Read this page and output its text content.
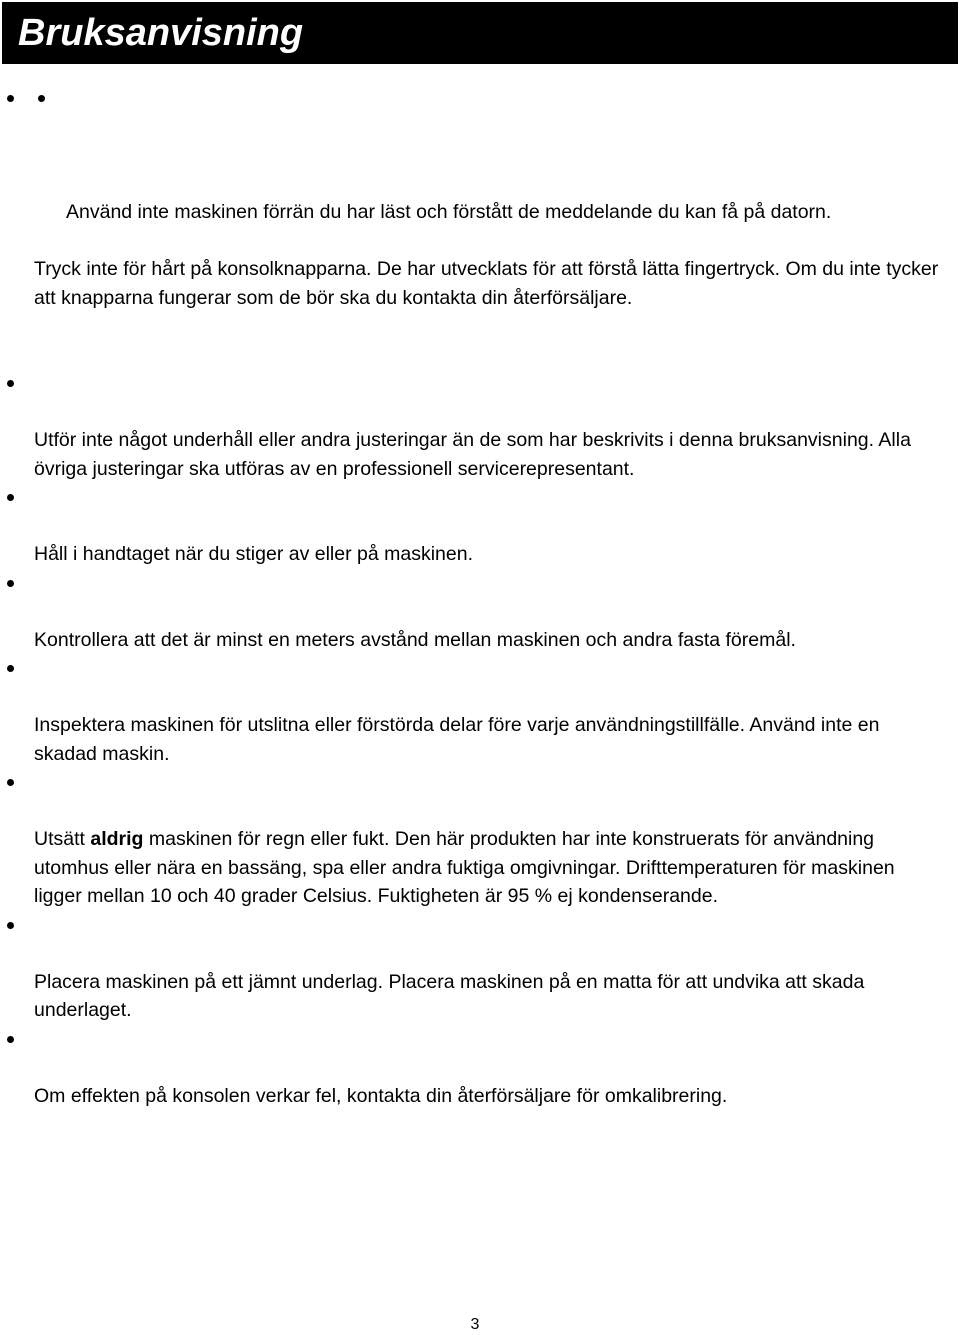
Bruksanvisning

Använd inte maskinen förrän du har läst och förstått de meddelande du kan få på datorn.

Tryck inte för hårt på konsolknapparna. De har utvecklats för att förstå lätta fingertryck. Om du inte tycker att knapparna fungerar som de bör ska du kontakta din återförsäljare.

Utför inte något underhåll eller andra justeringar än de som har beskrivits i denna bruksanvisning. Alla övriga justeringar ska utföras av en professionell servicerepresentant.

Håll i handtaget när du stiger av eller på maskinen.

Kontrollera att det är minst en meters avstånd mellan maskinen och andra fasta föremål.

Inspektera maskinen för utslitna eller förstörda delar före varje användningstillfälle. Använd inte en skadad maskin.

Utsätt aldrig maskinen för regn eller fukt. Den här produkten har inte konstruerats för användning utomhus eller nära en bassäng, spa eller andra fuktiga omgivningar. Drifttemperaturen för maskinen ligger mellan 10 och 40 grader Celsius. Fuktigheten är 95 % ej kondenserande.

Placera maskinen på ett jämnt underlag. Placera maskinen på en matta för att undvika att skada underlaget.

Om effekten på konsolen verkar fel, kontakta din återförsäljare för omkalibrering.

3
